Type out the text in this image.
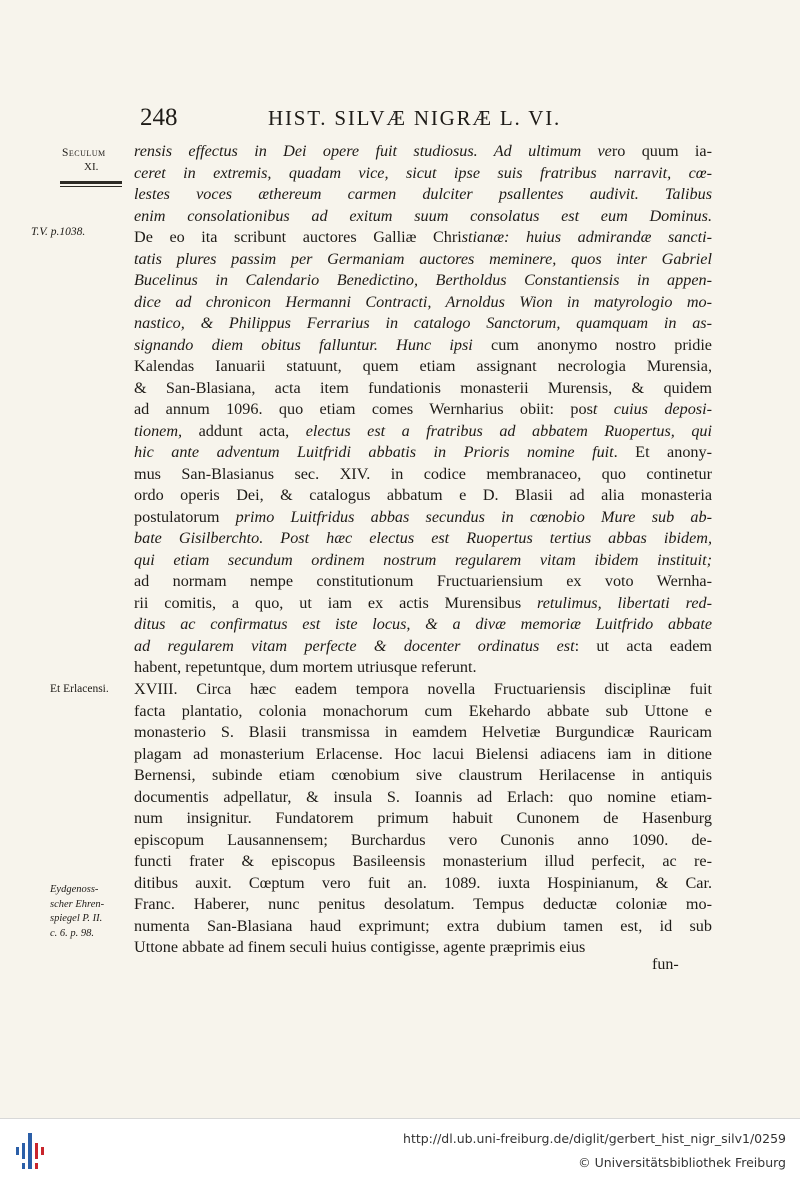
248	HIST. SILVÆ NIGRÆ L. VI.
Seculum
XI.
T.V. p.1038.
Et Erlacensi.
Eydgenoss-
scher Ehren-
spiegel P. II.
c. 6. p. 98.
rensis effectus in Dei opere fuit studiosus. Ad ultimum vero quum ia-
ceret in extremis, quadam vice, sicut ipse suis fratribus narravit, cœ-
lestes voces æthereum carmen dulciter psallentes audivit. Talibus
enim consolationibus ad exitum suum consolatus est eum Dominus.
De eo ita scribunt auctores Galliæ Christianæ: huius admirandæ sancti-
tatis plures passim per Germaniam auctores meminere, quos inter Gabriel
Bucelinus in Calendario Benedictino, Bertholdus Constantiensis in appen-
dice ad chronicon Hermanni Contracti, Arnoldus Wion in matyrologio mo-
nastico, & Philippus Ferrarius in catalogo Sanctorum, quamquam in as-
signando diem obitus falluntur. Hunc ipsi cum anonymo nostro pridie
Kalendas Ianuarii statuunt, quem etiam assignant necrologia Murensia,
& San-Blasiana, acta item fundationis monasterii Murensis, & quidem
ad annum 1096. quo etiam comes Wernharius obiit: post cuius deposi-
tionem, addunt acta, electus est a fratribus ad abbatem Ruopertus, qui
hic ante adventum Luitfridi abbatis in Prioris nomine fuit. Et anony-
mus San-Blasianus sec. XIV. in codice membranaceo, quo continetur
ordo operis Dei, & catalogus abbatum e D. Blasii ad alia monasteria
postulatorum primo Luitfridus abbas secundus in cœnobio Mure sub ab-
bate Gisilberchto. Post hæc electus est Ruopertus tertius abbas ibidem,
qui etiam secundum ordinem nostrum regularem vitam ibidem instituit;
ad normam nempe constitutionum Fructuariensium ex voto Wernha-
rii comitis, a quo, ut iam ex actis Murensibus retulimus, libertati red-
ditus ac confirmatus est iste locus, & a divæ memoriæ Luitfrido abbate
ad regularem vitam perfecte & docenter ordinatus est: ut acta eadem
habent, repetuntque, dum mortem utriusque referunt.
XVIII. Circa hæc eadem tempora novella Fructuariensis disciplinæ fuit
facta plantatio, colonia monachorum cum Ekehardo abbate sub Uttone e
monasterio S. Blasii transmissa in eamdem Helvetiæ Burgundicæ Rauricam
plagam ad monasterium Erlacense. Hoc lacui Bielensi adiacens iam in ditione
Bernensi, subinde etiam cœnobium sive claustrum Herilacense in antiquis
documentis adpellatur, & insula S. Ioannis ad Erlach: quo nomine etiam-
num insignitur. Fundatorem primum habuit Cunonem de Hasenburg
episcopum Lausannensem; Burchardus vero Cunonis anno 1090. de-
functi frater & episcopus Basileensis monasterium illud perfecit, ac re-
ditibus auxit. Cœptum vero fuit an. 1089. iuxta Hospinianum, & Car.
Franc. Haberer, nunc penitus desolatum. Tempus deductæ coloniæ mo-
numenta San-Blasiana haud exprimunt; extra dubium tamen est, id sub
Uttone abbate ad finem seculi huius contigisse, agente præprimis eius
fun-
http://dl.ub.uni-freiburg.de/diglit/gerbert_hist_nigr_silv1/0259
© Universitätsbibliothek Freiburg
